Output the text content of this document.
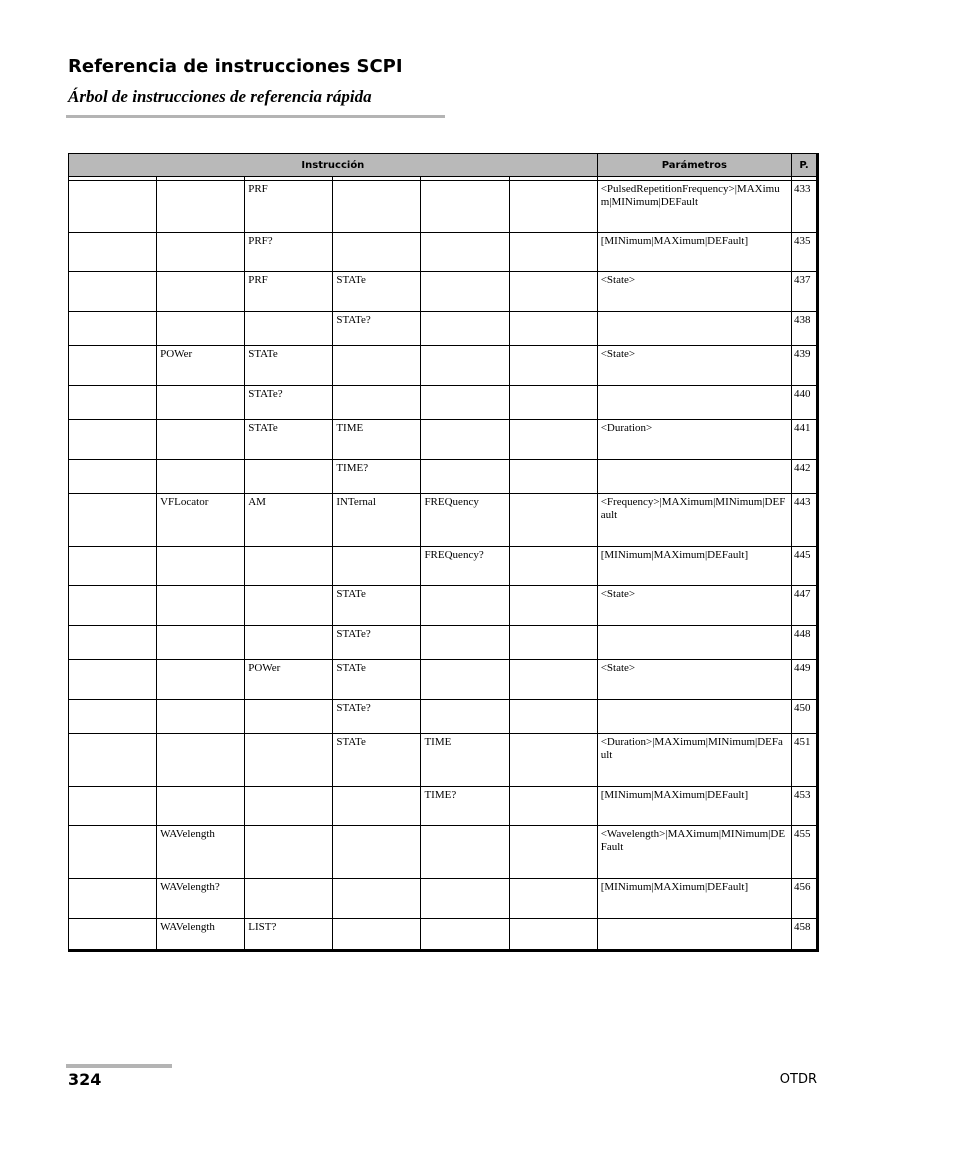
Referencia de instrucciones SCPI
Árbol de instrucciones de referencia rápida
Instrucción						Parámetros	P.

		PRF				<PulsedRepetitionFrequency>|MAXimum|MINimum|DEFault	433
		PRF?				[MINimum|MAXimum|DEFault]	435
		PRF	STATe			<State>	437
			STATe?				438
	POWer	STATe				<State>	439
		STATe?					440
		STATe	TIME			<Duration>	441
			TIME?				442
	VFLocator	AM	INTernal	FREQuency		<Frequency>|MAXimum|MINimum|DEFault	443
				FREQuency?		[MINimum|MAXimum|DEFault]	445
			STATe			<State>	447
			STATe?				448
		POWer	STATe			<State>	449
			STATe?				450
			STATe	TIME		<Duration>|MAXimum|MINimum|DEFault	451
				TIME?		[MINimum|MAXimum|DEFault]	453
	WAVelength					<Wavelength>|MAXimum|MINimum|DEFault	455
	WAVelength?					[MINimum|MAXimum|DEFault]	456
	WAVelength	LIST?					458
324	OTDR
